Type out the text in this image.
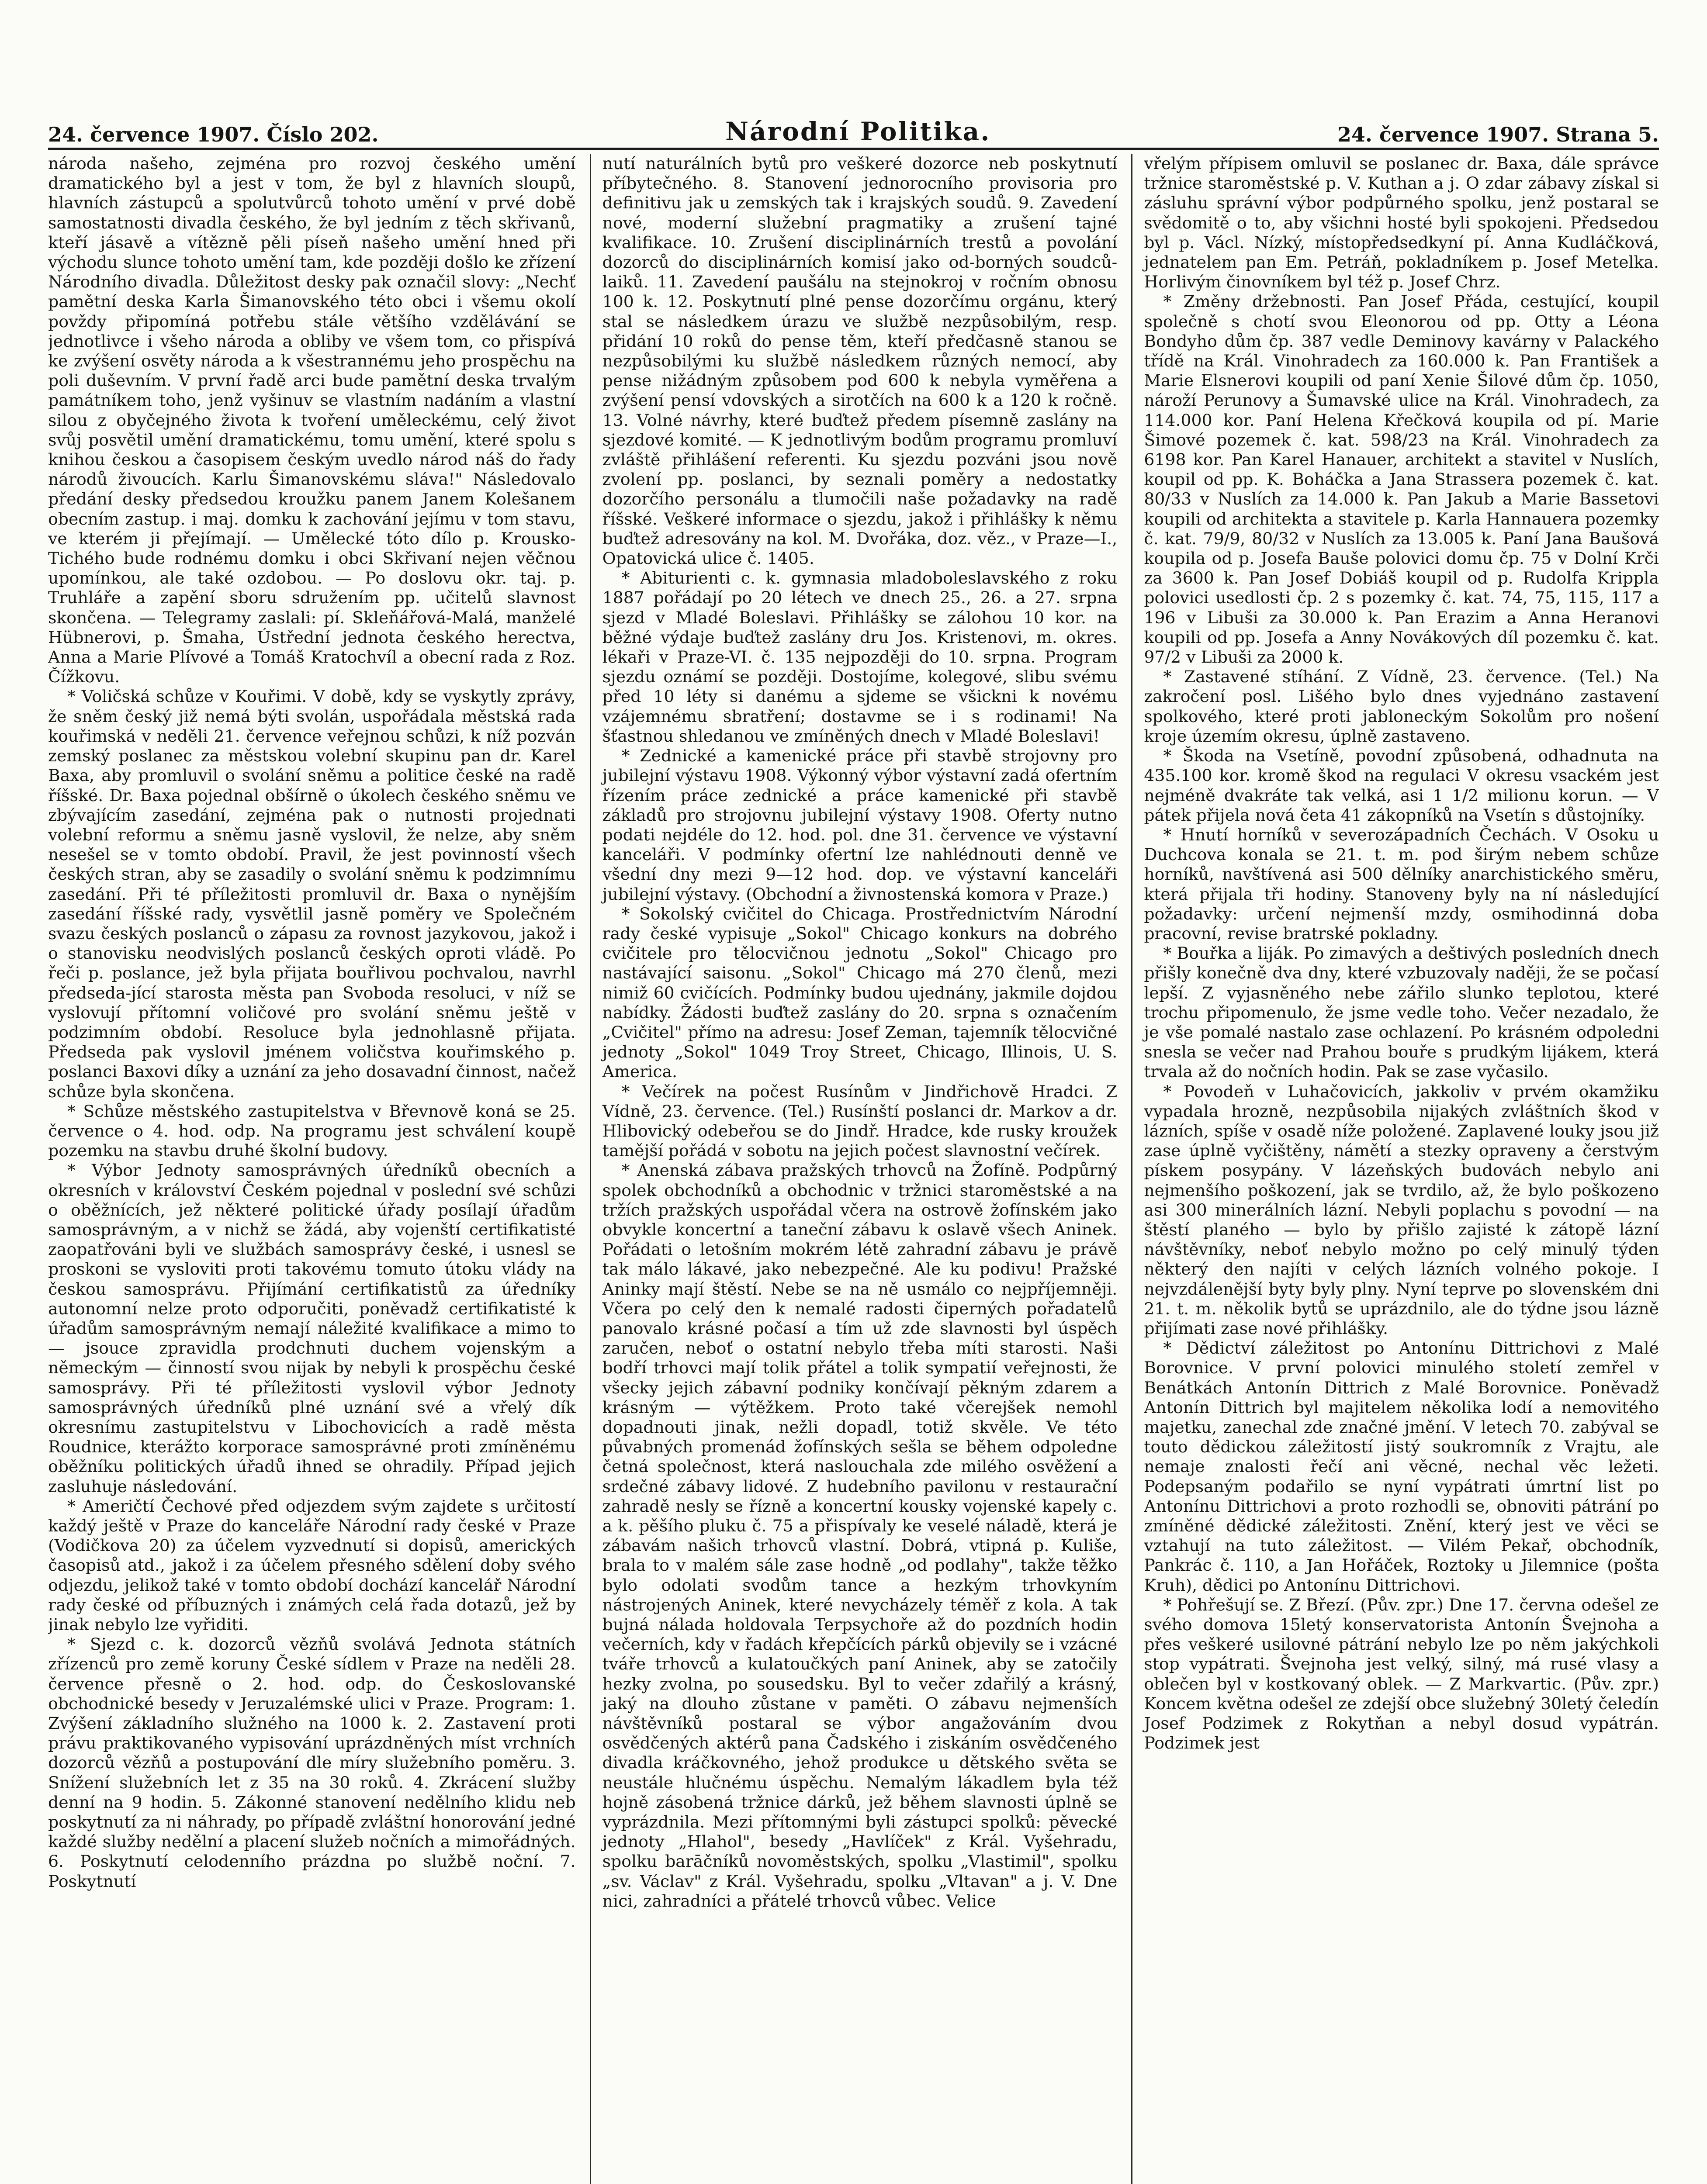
24. července 1907. Číslo 202.	Národní Politika.	24. července 1907. Strana 5.

národa našeho, zejména pro rozvoj českého umění dramatického byl a jest v tom, že byl z hlavních sloupů, hlavních zástupců a spolutvůrců tohoto umění v prvé době samostatnosti divadla českého, že byl jedním z těch skřivanů, kteří jásavě a vítězně pěli píseň našeho umění hned při východu slunce tohoto umění tam, kde později došlo ke zřízení Národního divadla. Důležitost desky pak označil slovy: „Nechť pamětní deska Karla Šimanovského této obci i všemu okolí povždy připomíná potřebu stále většího vzdělávání se jednotlivce i všeho národa a obliby ve všem tom, co přispívá ke zvýšení osvěty národa a k všestrannému jeho prospěchu na poli duševním. V první řadě arci bude pamětní deska trvalým památníkem toho, jenž vyšinuv se vlastním nadáním a vlastní silou z obyčejného života k tvoření uměleckému, celý život svůj posvětil umění dramatickému, tomu umění, které spolu s knihou českou a časopisem českým uvedlo národ náš do řady národů živoucích. Karlu Šimanovskému sláva!" Následovalo předání desky předsedou kroužku panem Janem Kolešanem obecním zastup. i maj. domku k zachování jejímu v tom stavu, ve kterém ji přejímají. — Umělecké tóto dílo p. Krousko-Tichého bude rodnému domku i obci Skřivaní nejen věčnou upomínkou, ale také ozdobou. — Po doslovu okr. taj. p. Truhláře a zapění sboru sdružením pp. učitelů slavnost skončena. — Telegramy zaslali: pí. Skleňářová-Malá, manželé Hübnerovi, p. Šmaha, Ústřední jednota českého herectva, Anna a Marie Plívové a Tomáš Kratochvíl a obecní rada z Roz. Čížkovu.

* Voličská schůze v Kouřimi. V době, kdy se vyskytly zprávy, že sněm český již nemá býti svolán, uspořádala městská rada kouřimská v neděli 21. července veřejnou schůzi, k níž pozván zemský poslanec za městskou volební skupinu pan dr. Karel Baxa, aby promluvil o svolání sněmu a politice české na radě říšské. Dr. Baxa pojednal obšírně o úkolech českého sněmu ve zbývajícím zasedání, zejména pak o nutnosti projednati volební reformu a sněmu jasně vyslovil, že nelze, aby sněm nesešel se v tomto období. Pravil, že jest povinností všech českých stran, aby se zasadily o svolání sněmu k podzimnímu zasedání. Při té příležitosti promluvil dr. Baxa o nynějším zasedání říšské rady, vysvětlil jasně poměry ve Společném svazu českých poslanců o zápasu za rovnost jazykovou, jakož i o stanovisku neodvislých poslanců českých oproti vládě. Po řeči p. poslance, jež byla přijata bouřlivou pochvalou, navrhl předseda-jící starosta města pan Svoboda resoluci, v níž se vyslovují přítomní voličové pro svolání sněmu ještě v podzimním období. Resoluce byla jednohlasně přijata. Předseda pak vyslovil jménem voličstva kouřimského p. poslanci Baxovi díky a uznání za jeho dosavadní činnost, načež schůze byla skončena.

* Schůze městského zastupitelstva v Břevnově koná se 25. července o 4. hod. odp. Na programu jest schválení koupě pozemku na stavbu druhé školní budovy.

* Výbor Jednoty samosprávných úředníků obecních a okresních v království Českém pojednal v poslední své schůzi o oběžnících, jež některé politické úřady posílají úřadům samosprávným, a v nichž se žádá, aby vojenští certifikatisté zaopatřováni byli ve službách samosprávy české, i usnesl se proskoni se vysloviti proti takovému tomuto útoku vlády na českou samosprávu. Přijímání certifikatistů za úředníky autonomní nelze proto odporučiti, poněvadž certifikatisté k úřadům samosprávným nemají náležité kvalifikace a mimo to — jsouce zpravidla prodchnuti duchem vojenským a německým — činností svou nijak by nebyli k prospěchu české samosprávy. Při té příležitosti vyslovil výbor Jednoty samosprávných úředníků plné uznání své a vřelý dík okresnímu zastupitelstvu v Libochovicích a radě města Roudnice, kterážto korporace samosprávné proti zmíněnému oběžníku politických úřadů ihned se ohradily. Případ jejich zasluhuje následování.

* Američtí Čechové před odjezdem svým zajdete s určitostí každý ještě v Praze do kanceláře Národní rady české v Praze (Vodičkova 20) za účelem vyzvednutí si dopisů, amerických časopisů atd., jakož i za účelem přesného sdělení doby svého odjezdu, jelikož také v tomto období dochází kancelář Národní rady české od příbuzných i známých celá řada dotazů, jež by jinak nebylo lze vyřiditi.

* Sjezd c. k. dozorců vězňů svolává Jednota státních zřízenců pro země koruny České sídlem v Praze na neděli 28. července přesně o 2. hod. odp. do Českoslovanské obchodnické besedy v Jeruzalémské ulici v Praze. Program: 1. Zvýšení základního služného na 1000 k. 2. Zastavení proti právu praktikovaného vypisování uprázdněných míst vrchních dozorců vězňů a postupování dle míry služebního poměru. 3. Snížení služebních let z 35 na 30 roků. 4. Zkrácení služby denní na 9 hodin. 5. Zákonné stanovení nedělního klidu neb poskytnutí za ni náhrady, po případě zvláštní honorování jedné každé služby nedělní a placení služeb nočních a mimořádných. 6. Poskytnutí celodenního prázdna po službě noční. 7. Poskytnutí

nutí naturálních bytů pro veškeré dozorce neb poskytnutí příbytečného. 8. Stanovení jednorocního provisoria pro definitivu jak u zemských tak i krajských soudů. 9. Zavedení nové, moderní služební pragmatiky a zrušení tajné kvalifikace. 10. Zrušení disciplinárních trestů a povolání dozorců do disciplinárních komisí jako od-borných soudců-laiků. 11. Zavedení paušálu na stejnokroj v ročním obnosu 100 k. 12. Poskytnutí plné pense dozorčímu orgánu, který stal se následkem úrazu ve službě nezpůsobilým, resp. přidání 10 roků do pense těm, kteří předčasně stanou se nezpůsobilými ku službě následkem různých nemocí, aby pense nižádným způsobem pod 600 k nebyla vyměřena a zvýšení pensí vdovských a sirotčích na 600 k a 120 k ročně. 13. Volné návrhy, které buďtež předem písemně zaslány na sjezdové komité. — K jednotlivým bodům programu promluví zvláště přihlášení referenti. Ku sjezdu pozváni jsou nově zvolení pp. poslanci, by seznali poměry a nedostatky dozorčího personálu a tlumočili naše požadavky na radě říšské. Veškeré informace o sjezdu, jakož i přihlášky k němu buďtež adresovány na kol. M. Dvořáka, doz. věz., v Praze—I., Opatovická ulice č. 1405.

* Abiturienti c. k. gymnasia mladoboleslavského z roku 1887 pořádají po 20 létech ve dnech 25., 26. a 27. srpna sjezd v Mladé Boleslavi. Přihlášky se zálohou 10 kor. na běžné výdaje buďtež zaslány dru Jos. Kristenovi, m. okres. lékaři v Praze-VI. č. 135 nejpozději do 10. srpna. Program sjezdu oznámí se později. Dostojíme, kolegové, slibu svému před 10 léty si danému a sjdeme se všickni k novému vzájemnému sbratření; dostavme se i s rodinami! Na šťastnou shledanou ve zmíněných dnech v Mladé Boleslavi!

* Zednické a kamenické práce při stavbě strojovny pro jubilejní výstavu 1908. Výkonný výbor výstavní zadá ofertním řízením práce zednické a práce kamenické při stavbě základů pro strojovnu jubilejní výstavy 1908. Oferty nutno podati nejdéle do 12. hod. pol. dne 31. července ve výstavní kanceláři. V podmínky ofertní lze nahlédnouti denně ve všední dny mezi 9—12 hod. dop. ve výstavní kanceláři jubilejní výstavy. (Obchodní a živnostenská komora v Praze.)

* Sokolský cvičitel do Chicaga. Prostřednictvím Národní rady české vypisuje „Sokol" Chicago konkurs na dobrého cvičitele pro tělocvičnou jednotu „Sokol" Chicago pro nastávající saisonu. „Sokol" Chicago má 270 členů, mezi nimiž 60 cvičících. Podmínky budou ujednány, jakmile dojdou nabídky. Žádosti buďtež zaslány do 20. srpna s označením „Cvičitel" přímo na adresu: Josef Zeman, tajemník tělocvičné jednoty „Sokol" 1049 Troy Street, Chicago, Illinois, U. S. America.

* Večírek na počest Rusínům v Jindřichově Hradci. Z Vídně, 23. července. (Tel.) Rusínští poslanci dr. Markov a dr. Hlibovický odebeřou se do Jindř. Hradce, kde rusky kroužek tamější pořádá v sobotu na jejich počest slavnostní večírek.

* Anenská zábava pražských trhovců na Žofíně. Podpůrný spolek obchodníků a obchodnic v tržnici staroměstské a na tržích pražských uspořádal včera na ostrově žofínském jako obvykle koncertní a taneční zábavu k oslavě všech Aninek. Pořádati o letošním mokrém létě zahradní zábavu je právě tak málo lákavé, jako nebezpečné. Ale ku podivu! Pražské Aninky mají štěstí. Nebe se na ně usmálo co nejpříjemněji. Včera po celý den k nemalé radosti čiperných pořadatelů panovalo krásné počasí a tím už zde slavnosti byl úspěch zaručen, neboť o ostatní nebylo třeba míti starosti. Naši bodří trhovci mají tolik přátel a tolik sympatií veřejnosti, že všecky jejich zábavní podniky končívají pěkným zdarem a krásným — výtěžkem. Proto také včerejšek nemohl dopadnouti jinak, nežli dopadl, totiž skvěle. Ve této půvabných promenád žofínských sešla se během odpoledne četná společnost, která naslouchala zde milého osvěžení a srdečné zábavy lidové. Z hudebního pavilonu v restaurační zahradě nesly se řízně a koncertní kousky vojenské kapely c. a k. pěšího pluku č. 75 a přispívaly ke veselé náladě, která je zábavám našich trhovců vlastní. Dobrá, vtipná p. Kuliše, brala to v malém sále zase hodně „od podlahy", takže těžko bylo odolati svodům tance a hezkým trhovkyním nástrojených Aninek, které nevycházely téměř z kola. A tak bujná nálada holdovala Terpsychoře až do pozdních hodin večerních, kdy v řadách křepčících párků objevily se i vzácné tváře trhovců a kulatoučkých paní Aninek, aby se zatočily hezky zvolna, po sousedsku. Byl to večer zdařilý a krásný, jaký na dlouho zůstane v paměti. O zábavu nejmenších návštěvníků postaral se výbor angažováním dvou osvědčených aktérů pana Čadského i ziskáním osvědčeného divadla kráčkovného, jehož produkce u dětského světa se neustále hlučnému úspěchu. Nemalým lákadlem byla též hojně zásobená tržnice dárků, jež během slavnosti úplně se vyprázdnila. Mezi přítomnými byli zástupci spolků: pěvecké jednoty „Hlahol", besedy „Havlíček" z Král. Vyšehradu, spolku barāčníků novoměstských, spolku „Vlastimil", spolku „sv. Václav" z Král. Vyšehradu, spolku „Vltavan" a j. V. Dne nici, zahradníci a přátelé trhovců vůbec. Velice

vřelým přípisem omluvil se poslanec dr. Baxa, dále správce tržnice staroměstské p. V. Kuthan a j. O zdar zábavy získal si zásluhu správní výbor podpůrného spolku, jenž postaral se svědomitě o to, aby všichni hosté byli spokojeni. Předsedou byl p. Václ. Nízký, místopředsedkyní pí. Anna Kudláčková, jednatelem pan Em. Petráň, pokladníkem p. Josef Metelka. Horlivým činovníkem byl též p. Josef Chrz.

* Změny držebnosti. Pan Josef Přáda, cestující, koupil společně s chotí svou Eleonorou od pp. Otty a Léona Bondyho dům čp. 387 vedle Deminovy kavárny v Palackého třídě na Král. Vinohradech za 160.000 k. Pan František a Marie Elsnerovi koupili od paní Xenie Šilové dům čp. 1050, nároží Perunovy a Šumavské ulice na Král. Vinohradech, za 114.000 kor. Paní Helena Křečková koupila od pí. Marie Šimové pozemek č. kat. 598/23 na Král. Vinohradech za 6198 kor. Pan Karel Hanauer, architekt a stavitel v Nuslích, koupil od pp. K. Boháčka a Jana Strassera pozemek č. kat. 80/33 v Nuslích za 14.000 k. Pan Jakub a Marie Bassetovi koupili od architekta a stavitele p. Karla Hannauera pozemky č. kat. 79/9, 80/32 v Nuslích za 13.005 k. Paní Jana Baušová koupila od p. Josefa Bauše polovici domu čp. 75 v Dolní Krči za 3600 k. Pan Josef Dobiáš koupil od p. Rudolfa Krippla polovici usedlosti čp. 2 s pozemky č. kat. 74, 75, 115, 117 a 196 v Libuši za 30.000 k. Pan Erazim a Anna Heranovi koupili od pp. Josefa a Anny Novákových díl pozemku č. kat. 97/2 v Libuši za 2000 k.

* Zastavené stíhání. Z Vídně, 23. července. (Tel.) Na zakročení posl. Lišého bylo dnes vyjednáno zastavení spolkového, které proti jabloneckým Sokolům pro nošení kroje územím okresu, úplně zastaveno.

* Škoda na Vsetíně, povodní způsobená, odhadnuta na 435.100 kor. kromě škod na regulaci V okresu vsackém jest nejméně dvakráte tak velká, asi 1 1/2 milionu korun. — V pátek přijela nová četa 41 zákopníků na Vsetín s důstojníky.

* Hnutí horníků v severozápadních Čechách. V Osoku u Duchcova konala se 21. t. m. pod širým nebem schůze horníků, navštívená asi 500 dělníky anarchistického směru, která přijala tři hodiny. Stanoveny byly na ní následující požadavky: určení nejmenší mzdy, osmihodinná doba pracovní, revise bratrské pokladny.

* Bouřka a liják. Po zimavých a deštivých posledních dnech přišly konečně dva dny, které vzbuzovaly naději, že se počasí lepší. Z vyjasněného nebe zářilo slunko teplotou, které trochu připomenulo, že jsme vedle toho. Večer nezadalo, že je vše pomalé nastalo zase ochlazení. Po krásném odpoledni snesla se večer nad Prahou bouře s prudkým lijákem, která trvala až do nočních hodin. Pak se zase vyčasilo.

* Povodeň v Luhačovicích, jakkoliv v prvém okamžiku vypadala hrozně, nezpůsobila nijakých zvláštních škod v lázních, spíše v osadě níže položené. Zaplavené louky jsou již zase úplně vyčištěny, námětí a stezky opraveny a čerstvým pískem posypány. V lázeňských budovách nebylo ani nejmenšího poškození, jak se tvrdilo, až, že bylo poškozeno asi 300 minerálních lázní. Nebyli poplachu s povodní — na štěstí planého — bylo by přišlo zajisté k zátopě lázní návštěvníky, neboť nebylo možno po celý minulý týden některý den najíti v celých lázních volného pokoje. I nejvzdálenější byty byly plny. Nyní teprve po slovenském dni 21. t. m. několik bytů se uprázdnilo, ale do týdne jsou lázně přijímati zase nové přihlášky.

* Dědictví záležitost po Antonínu Dittrichovi z Malé Borovnice. V první polovici minulého století zemřel v Benátkách Antonín Dittrich z Malé Borovnice. Poněvadž Antonín Dittrich byl majitelem několika lodí a nemovitého majetku, zanechal zde značné jmění. V letech 70. zabýval se touto dědickou záležitostí jistý soukromník z Vrajtu, ale nemaje znalosti řečí ani věcné, nechal věc ležeti. Podepsaným podařilo se nyní vypátrati úmrtní list po Antonínu Dittrichovi a proto rozhodli se, obnoviti pátrání po zmíněné dědické záležitosti. Znění, který jest ve věci se vztahují na tuto záležitost. — Vilém Pekař, obchodník, Pankrác č. 110, a Jan Hořáček, Roztoky u Jilemnice (pošta Kruh), dědici po Antonínu Dittrichovi.

* Pohřešují se. Z Březí. (Pův. zpr.) Dne 17. června odešel ze svého domova 15letý konservatorista Antonín Švejnoha a přes veškeré usilovné pátrání nebylo lze po něm jakýchkoli stop vypátrati. Švejnoha jest velký, silný, má rusé vlasy a oblečen byl v kostkovaný oblek. — Z Markvartic. (Pův. zpr.) Koncem května odešel ze zdejší obce služebný 30letý čeledín Josef Podzimek z Rokytňan a nebyl dosud vypátrán. Podzimek jest
